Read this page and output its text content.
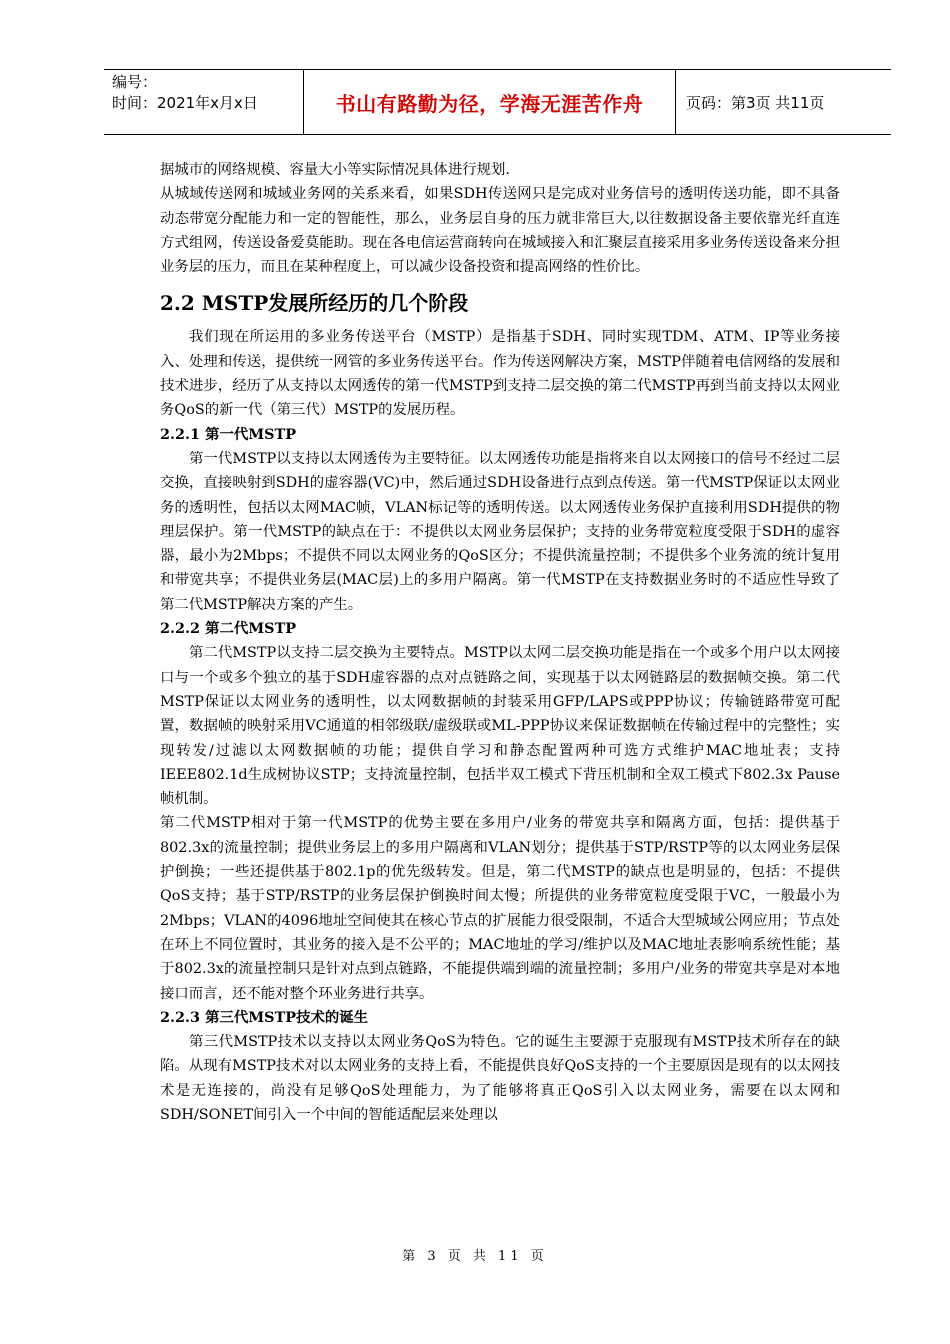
编号：
时间：2021年x月x日	书山有路勤为径，学海无涯苦作舟	页码：第3页 共11页

据城市的网络规模、容量大小等实际情况具体进行规划.

从城域传送网和城域业务网的关系来看，如果SDH传送网只是完成对业务信号的透明传送功能，即不具备动态带宽分配能力和一定的智能性，那么，业务层自身的压力就非常巨大,以往数据设备主要依靠光纤直连方式组网，传送设备爱莫能助。现在各电信运营商转向在城域接入和汇聚层直接采用多业务传送设备来分担业务层的压力，而且在某种程度上，可以减少设备投资和提高网络的性价比。

2.2 MSTP发展所经历的几个阶段

我们现在所运用的多业务传送平台（MSTP）是指基于SDH、同时实现TDM、ATM、IP等业务接入、处理和传送，提供统一网管的多业务传送平台。作为传送网解决方案，MSTP伴随着电信网络的发展和技术进步，经历了从支持以太网透传的第一代MSTP到支持二层交换的第二代MSTP再到当前支持以太网业务QoS的新一代（第三代）MSTP的发展历程。

2.2.1 第一代MSTP

第一代MSTP以支持以太网透传为主要特征。以太网透传功能是指将来自以太网接口的信号不经过二层交换，直接映射到SDH的虚容器(VC)中，然后通过SDH设备进行点到点传送。第一代MSTP保证以太网业务的透明性，包括以太网MAC帧，VLAN标记等的透明传送。以太网透传业务保护直接利用SDH提供的物理层保护。第一代MSTP的缺点在于：不提供以太网业务层保护；支持的业务带宽粒度受限于SDH的虚容器，最小为2Mbps；不提供不同以太网业务的QoS区分；不提供流量控制；不提供多个业务流的统计复用和带宽共享；不提供业务层(MAC层)上的多用户隔离。第一代MSTP在支持数据业务时的不适应性导致了第二代MSTP解决方案的产生。

2.2.2 第二代MSTP

第二代MSTP以支持二层交换为主要特点。MSTP以太网二层交换功能是指在一个或多个用户以太网接口与一个或多个独立的基于SDH虚容器的点对点链路之间，实现基于以太网链路层的数据帧交换。第二代MSTP保证以太网业务的透明性，以太网数据帧的封装采用GFP/LAPS或PPP协议；传输链路带宽可配置，数据帧的映射采用VC通道的相邻级联/虚级联或ML-PPP协议来保证数据帧在传输过程中的完整性；实现转发/过滤以太网数据帧的功能；提供自学习和静态配置两种可选方式维护MAC地址表；支持IEEE802.1d生成树协议STP；支持流量控制，包括半双工模式下背压机制和全双工模式下802.3x Pause帧机制。

第二代MSTP相对于第一代MSTP的优势主要在多用户/业务的带宽共享和隔离方面，包括：提供基于802.3x的流量控制；提供业务层上的多用户隔离和VLAN划分；提供基于STP/RSTP等的以太网业务层保护倒换；一些还提供基于802.1p的优先级转发。但是，第二代MSTP的缺点也是明显的，包括：不提供QoS支持；基于STP/RSTP的业务层保护倒换时间太慢；所提供的业务带宽粒度受限于VC，一般最小为2Mbps；VLAN的4096地址空间使其在核心节点的扩展能力很受限制，不适合大型城域公网应用；节点处在环上不同位置时，其业务的接入是不公平的；MAC地址的学习/维护以及MAC地址表影响系统性能；基于802.3x的流量控制只是针对点到点链路，不能提供端到端的流量控制；多用户/业务的带宽共享是对本地接口而言，还不能对整个环业务进行共享。

2.2.3 第三代MSTP技术的诞生

第三代MSTP技术以支持以太网业务QoS为特色。它的诞生主要源于克服现有MSTP技术所存在的缺陷。从现有MSTP技术对以太网业务的支持上看，不能提供良好QoS支持的一个主要原因是现有的以太网技术是无连接的，尚没有足够QoS处理能力，为了能够将真正QoS引入以太网业务，需要在以太网和SDH/SONET间引入一个中间的智能适配层来处理以

第 3 页 共 11 页
